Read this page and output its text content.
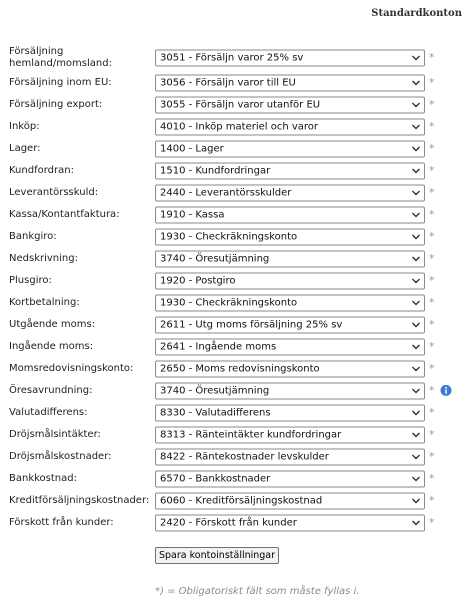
Standardkonton
Försäljning hemland/momsland:	3051 - Försäljn varor 25% sv	*
Försäljning inom EU:	3056 - Försäljn varor till EU	*
Försäljning export:	3055 - Försäljn varor utanför EU	*
Inköp:	4010 - Inköp materiel och varor	*
Lager:	1400 - Lager	*
Kundfordran:	1510 - Kundfordringar	*
Leverantörsskuld:	2440 - Leverantörsskulder	*
Kassa/Kontantfaktura:	1910 - Kassa	*
Bankgiro:	1930 - Checkräkningskonto	*
Nedskrivning:	3740 - Öresutjämning	*
Plusgiro:	1920 - Postgiro	*
Kortbetalning:	1930 - Checkräkningskonto	*
Utgående moms:	2611 - Utg moms försäljning 25% sv	*
Ingående moms:	2641 - Ingående moms	*
Momsredovisningskonto:	2650 - Moms redovisningskonto	*
Öresavrundning:	3740 - Öresutjämning	*
Valutadifferens:	8330 - Valutadifferens	*
Dröjsmålsintäkter:	8313 - Ränteintäkter kundfordringar	*
Dröjsmålskostnader:	8422 - Räntekostnader levskulder	*
Bankkostnad:	6570 - Bankkostnader	*
Kreditförsäljningskostnader:	6060 - Kreditförsäljningskostnad	*
Förskott från kunder:	2420 - Förskott från kunder	*
Spara kontoinställningar
*) = Obligatoriskt fält som måste fyllas i.
